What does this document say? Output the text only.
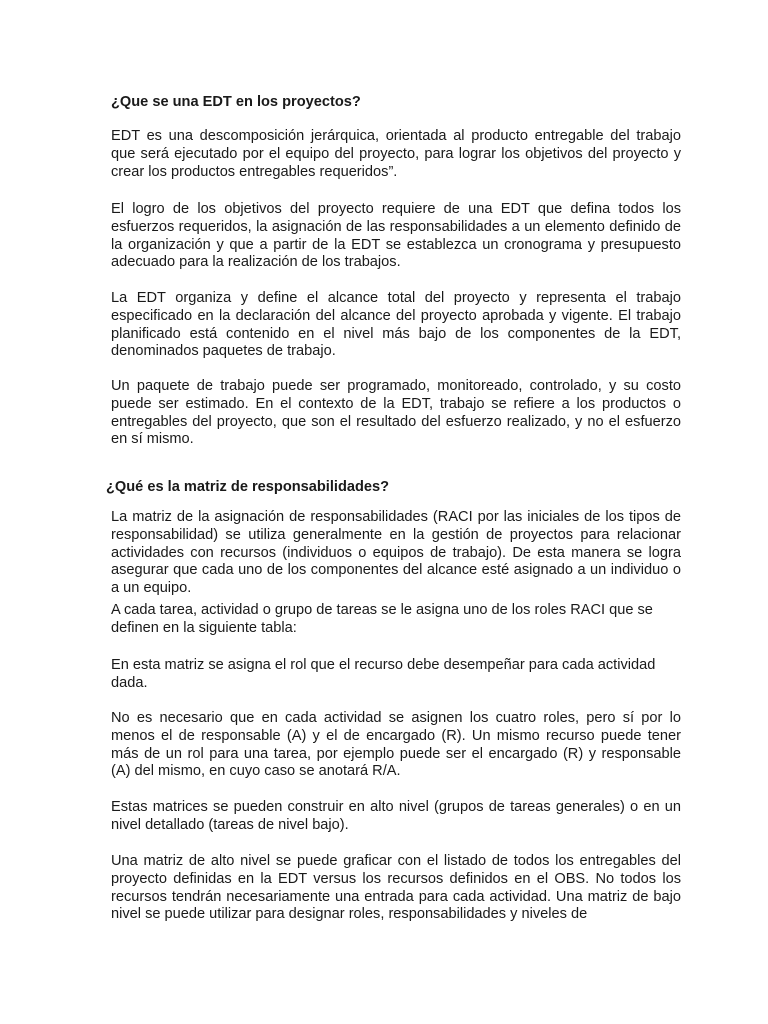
¿Que se una EDT en los proyectos?

EDT es una descomposición jerárquica, orientada al producto entregable del trabajo que será ejecutado por el equipo del proyecto, para lograr los objetivos del proyecto y crear los productos entregables requeridos”.

El logro de los objetivos del proyecto requiere de una EDT que defina todos los esfuerzos requeridos, la asignación de las responsabilidades a un elemento definido de la organización y que a partir de la EDT se establezca un cronograma y presupuesto adecuado para la realización de los trabajos.

La EDT organiza y define el alcance total del proyecto y representa el trabajo especificado en la declaración del alcance del proyecto aprobada y vigente. El trabajo planificado está contenido en el nivel más bajo de los componentes de la EDT, denominados paquetes de trabajo.

Un paquete de trabajo puede ser programado, monitoreado, controlado, y su costo puede ser estimado. En el contexto de la EDT, trabajo se refiere a los productos o entregables del proyecto, que son el resultado del esfuerzo realizado, y no el esfuerzo en sí mismo.

¿Qué es la matriz de responsabilidades?

La matriz de la asignación de responsabilidades (RACI por las iniciales de los tipos de responsabilidad) se utiliza generalmente en la gestión de proyectos para relacionar actividades con recursos (individuos o equipos de trabajo). De esta manera se logra asegurar que cada uno de los componentes del alcance esté asignado a un individuo o a un equipo.

A cada tarea, actividad o grupo de tareas se le asigna uno de los roles RACI que se definen en la siguiente tabla:

En esta matriz se asigna el rol que el recurso debe desempeñar para cada actividad dada.

No es necesario que en cada actividad se asignen los cuatro roles, pero sí por lo menos el de responsable (A) y el de encargado (R). Un mismo recurso puede tener más de un rol para una tarea, por ejemplo puede ser el encargado (R) y responsable (A) del mismo, en cuyo caso se anotará R/A.

Estas matrices se pueden construir en alto nivel (grupos de tareas generales) o en un nivel detallado (tareas de nivel bajo).

Una matriz de alto nivel se puede graficar con el listado de todos los entregables del proyecto definidas en la EDT versus los recursos definidos en el OBS. No todos los recursos tendrán necesariamente una entrada para cada actividad. Una matriz de bajo nivel se puede utilizar para designar roles, responsabilidades y niveles de
